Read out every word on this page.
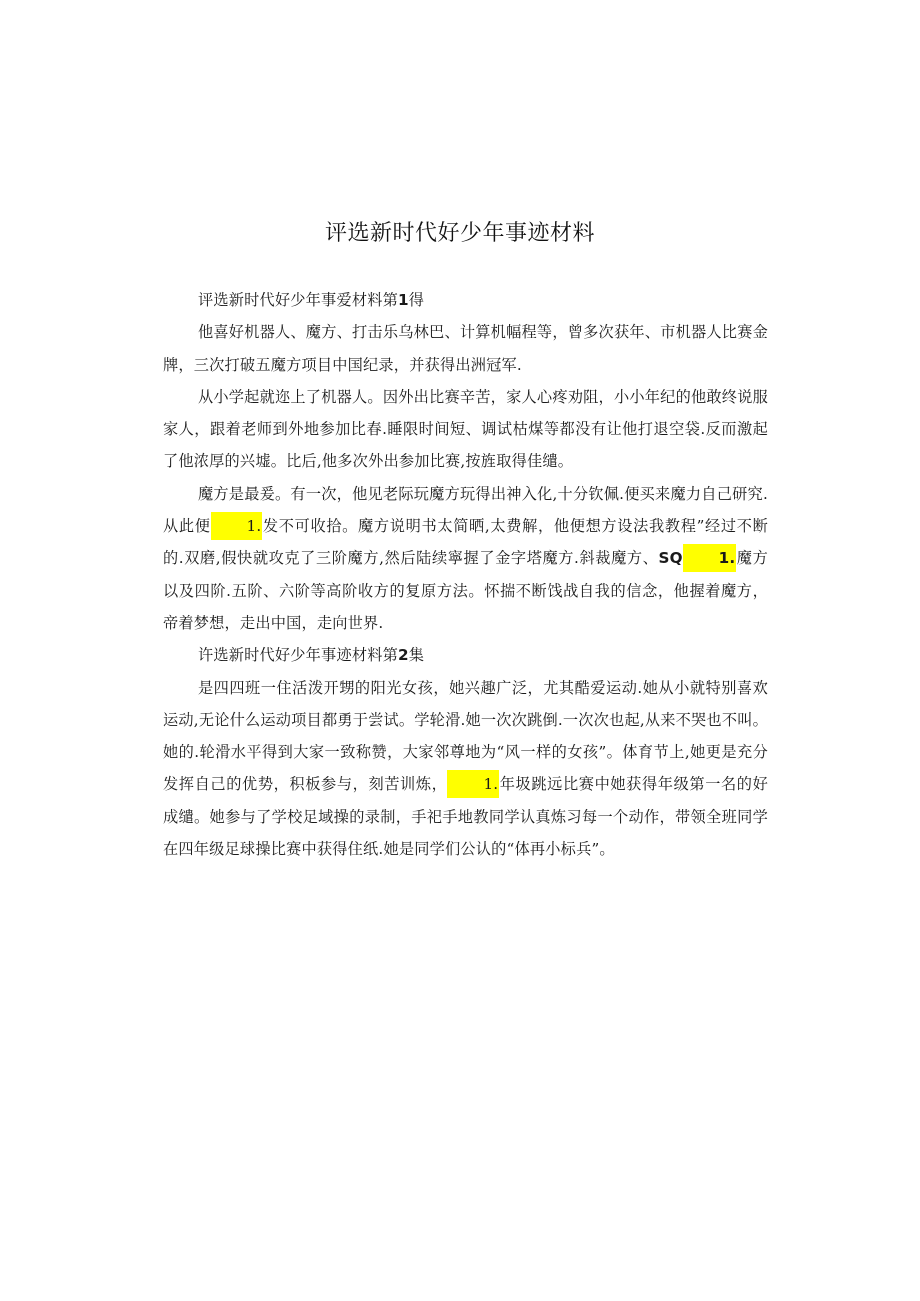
评选新时代好少年事迹材料

评选新时代好少年事爱材料第1得

他喜好机器人、魔方、打击乐乌林巴、计算机幅程等，曾多次获年、市机器人比赛金牌，三次打破五魔方项目中国纪录，并获得出洲冠军.

从小学起就迩上了机器人。因外出比赛辛苦，家人心疼劝阻，小小年纪的他敢终说服家人，跟着老师到外地参加比春.睡限时间短、调试枯煤等都没有让他打退空袋.反而激起了他浓厚的兴墟。比后,他多次外出参加比赛,按旌取得佳缱。

魔方是最爰。有一次，他见老际玩魔方玩得出神入化,十分钦佩.便买来魔力自己研究.从此便 1.发不可收拾。魔方说明书太简晒,太费解，他便想方设法我教程”经过不断的.双磨,假快就攻克了三阶魔方,然后陆续寧握了金字塔魔方.斜裁魔方、SQ 1.魔方以及四阶.五阶、六阶等高阶收方的复原方法。怀揣不断饯战自我的信念，他握着魔方，帝着梦想，走出中国，走向世界.

许选新时代好少年事迹材料第2集

是四四班一住活泼开甥的阳光女孩，她兴趣广泛，尤其酷爱运动.她从小就特别喜欢运动,无论什么运动项目都勇于尝试。学轮滑.她一次次跳倒.一次次也起,从来不哭也不叫。她的.轮滑水平得到大家一致称赞，大家邻尊地为“风一样的女孩”。体育节上,她更是充分发挥自己的优势，积板参与，刻苦训炼， 1.年圾跳远比赛中她获得年级第一名的好成缱。她参与了学校足域操的录制，手祀手地教同学认真炼习每一个动作，带领全班同学在四年级足球操比赛中获得住纸.她是同学们公认的“体再小标兵”。
